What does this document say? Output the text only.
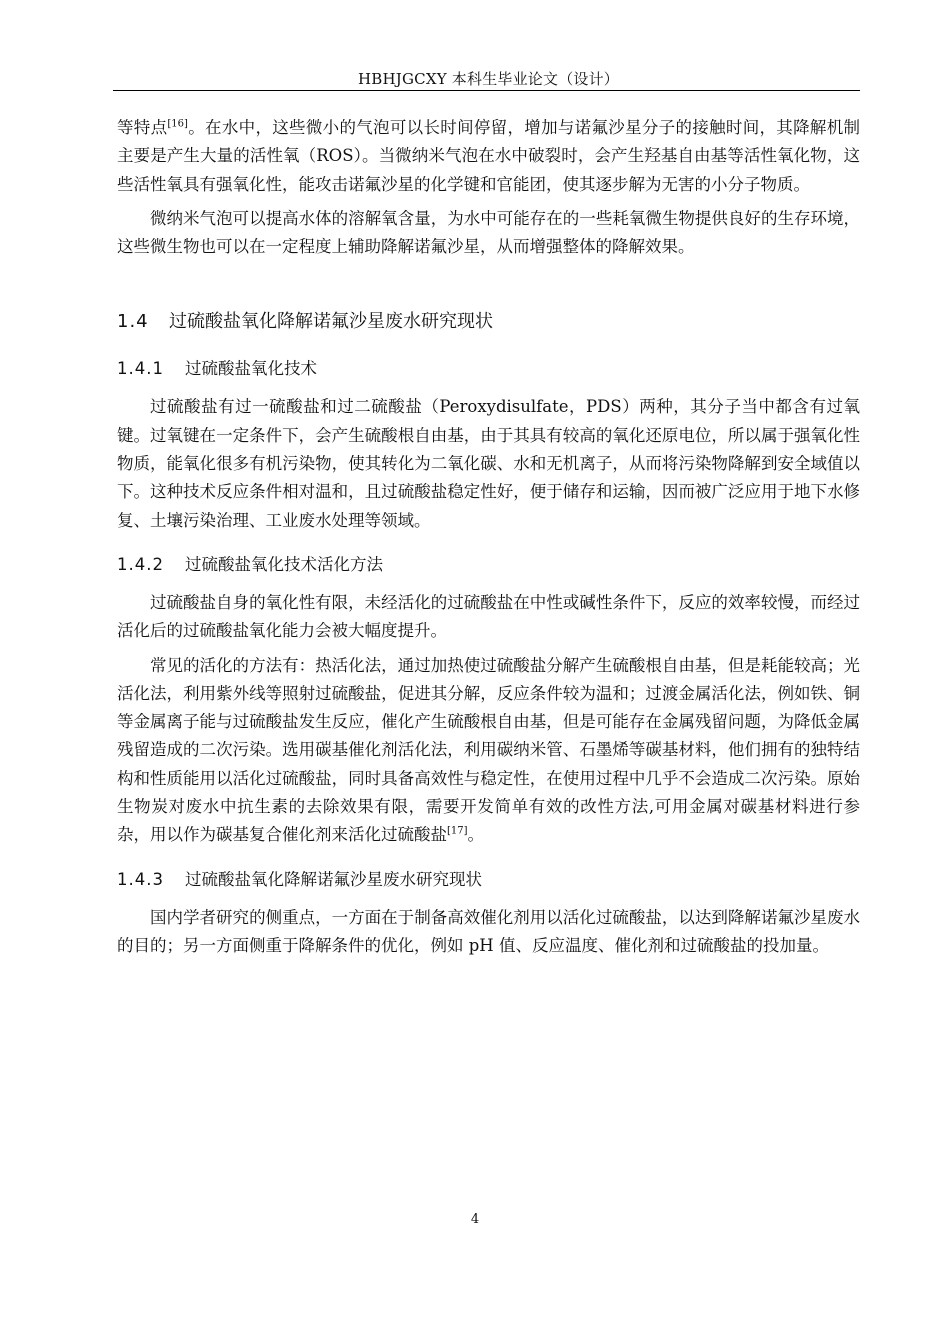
HBHJGCXY 本科生毕业论文（设计）

等特点[16]。在水中，这些微小的气泡可以长时间停留，增加与诺氟沙星分子的接触时间，其降解机制主要是产生大量的活性氧（ROS）。当微纳米气泡在水中破裂时，会产生羟基自由基等活性氧化物，这些活性氧具有强氧化性，能攻击诺氟沙星的化学键和官能团，使其逐步解为无害的小分子物质。

微纳米气泡可以提高水体的溶解氧含量，为水中可能存在的一些耗氧微生物提供良好的生存环境，这些微生物也可以在一定程度上辅助降解诺氟沙星，从而增强整体的降解效果。

1.4 过硫酸盐氧化降解诺氟沙星废水研究现状
1.4.1 过硫酸盐氧化技术

过硫酸盐有过一硫酸盐和过二硫酸盐（Peroxydisulfate，PDS）两种，其分子当中都含有过氧键。过氧键在一定条件下，会产生硫酸根自由基，由于其具有较高的氧化还原电位，所以属于强氧化性物质，能氧化很多有机污染物，使其转化为二氧化碳、水和无机离子，从而将污染物降解到安全域值以下。这种技术反应条件相对温和，且过硫酸盐稳定性好，便于储存和运输，因而被广泛应用于地下水修复、土壤污染治理、工业废水处理等领域。

1.4.2 过硫酸盐氧化技术活化方法

过硫酸盐自身的氧化性有限，未经活化的过硫酸盐在中性或碱性条件下，反应的效率较慢，而经过活化后的过硫酸盐氧化能力会被大幅度提升。

常见的活化的方法有：热活化法，通过加热使过硫酸盐分解产生硫酸根自由基，但是耗能较高；光活化法，利用紫外线等照射过硫酸盐，促进其分解，反应条件较为温和；过渡金属活化法，例如铁、铜等金属离子能与过硫酸盐发生反应，催化产生硫酸根自由基，但是可能存在金属残留问题，为降低金属残留造成的二次污染。选用碳基催化剂活化法，利用碳纳米管、石墨烯等碳基材料，他们拥有的独特结构和性质能用以活化过硫酸盐，同时具备高效性与稳定性，在使用过程中几乎不会造成二次污染。原始生物炭对废水中抗生素的去除效果有限，需要开发简单有效的改性方法,可用金属对碳基材料进行参杂，用以作为碳基复合催化剂来活化过硫酸盐[17]。

1.4.3 过硫酸盐氧化降解诺氟沙星废水研究现状

国内学者研究的侧重点，一方面在于制备高效催化剂用以活化过硫酸盐，以达到降解诺氟沙星废水的目的；另一方面侧重于降解条件的优化，例如 pH 值、反应温度、催化剂和过硫酸盐的投加量。

4
